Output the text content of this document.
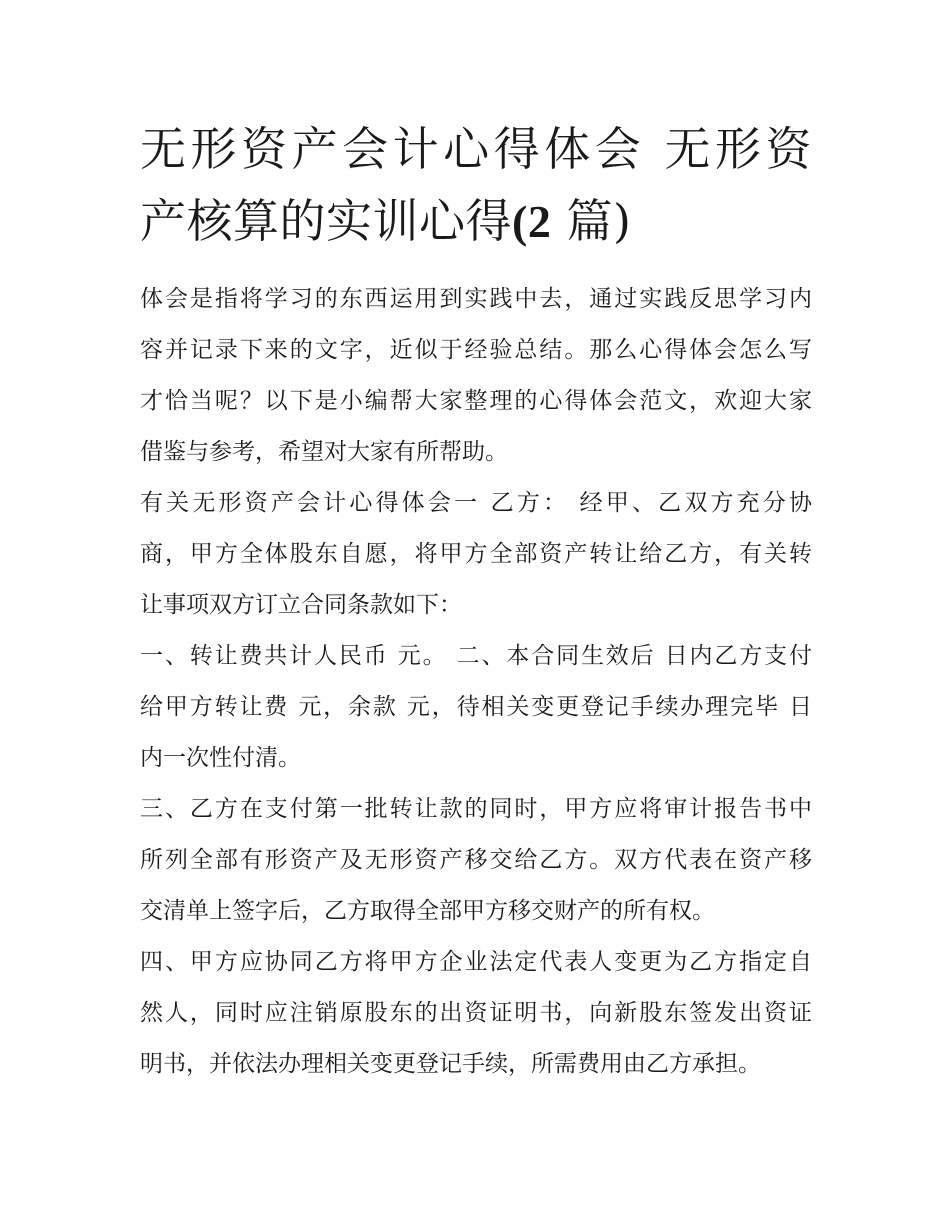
无形资产会计心得体会 无形资
产核算的实训心得(2 篇)

体会是指将学习的东西运用到实践中去，通过实践反思学习内
容并记录下来的文字，近似于经验总结。那么心得体会怎么写
才恰当呢？以下是小编帮大家整理的心得体会范文，欢迎大家
借鉴与参考，希望对大家有所帮助。

有关无形资产会计心得体会一 乙方： 经甲、乙双方充分协
商，甲方全体股东自愿，将甲方全部资产转让给乙方，有关转
让事项双方订立合同条款如下：

一、转让费共计人民币 元。 二、本合同生效后 日内乙方支付
给甲方转让费 元，余款 元，待相关变更登记手续办理完毕 日
内一次性付清。

三、乙方在支付第一批转让款的同时，甲方应将审计报告书中
所列全部有形资产及无形资产移交给乙方。双方代表在资产移
交清单上签字后，乙方取得全部甲方移交财产的所有权。

四、甲方应协同乙方将甲方企业法定代表人变更为乙方指定自
然人，同时应注销原股东的出资证明书，向新股东签发出资证
明书，并依法办理相关变更登记手续，所需费用由乙方承担。
